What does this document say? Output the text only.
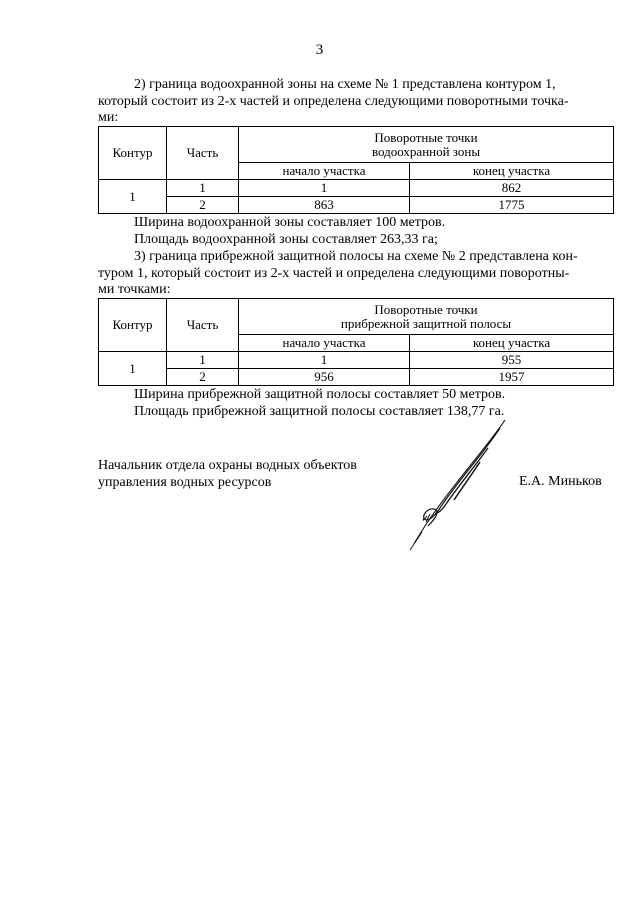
3
2) граница водоохранной зоны на схеме № 1 представлена контуром 1,
который состоит из 2-х частей и определена следующими поворотными точка-
ми:
Контур	Часть	Поворотные точки
водоохранной зоны	
		начало участка	конец участка
1	1	1	862
	2	863	1775
Ширина водоохранной зоны составляет 100 метров.
Площадь водоохранной зоны составляет 263,33 га;
3) граница прибрежной защитной полосы на схеме № 2 представлена кон-
туром 1, который состоит из 2-х частей и определена следующими поворотны-
ми точками:
Контур	Часть	Поворотные точки
прибрежной защитной полосы	
		начало участка	конец участка
1	1	1	955
	2	956	1957
Ширина прибрежной защитной полосы составляет 50 метров.
Площадь прибрежной защитной полосы составляет 138,77 га.
Начальник отдела охраны водных объектов
управления водных ресурсов	Е.А. Миньков
